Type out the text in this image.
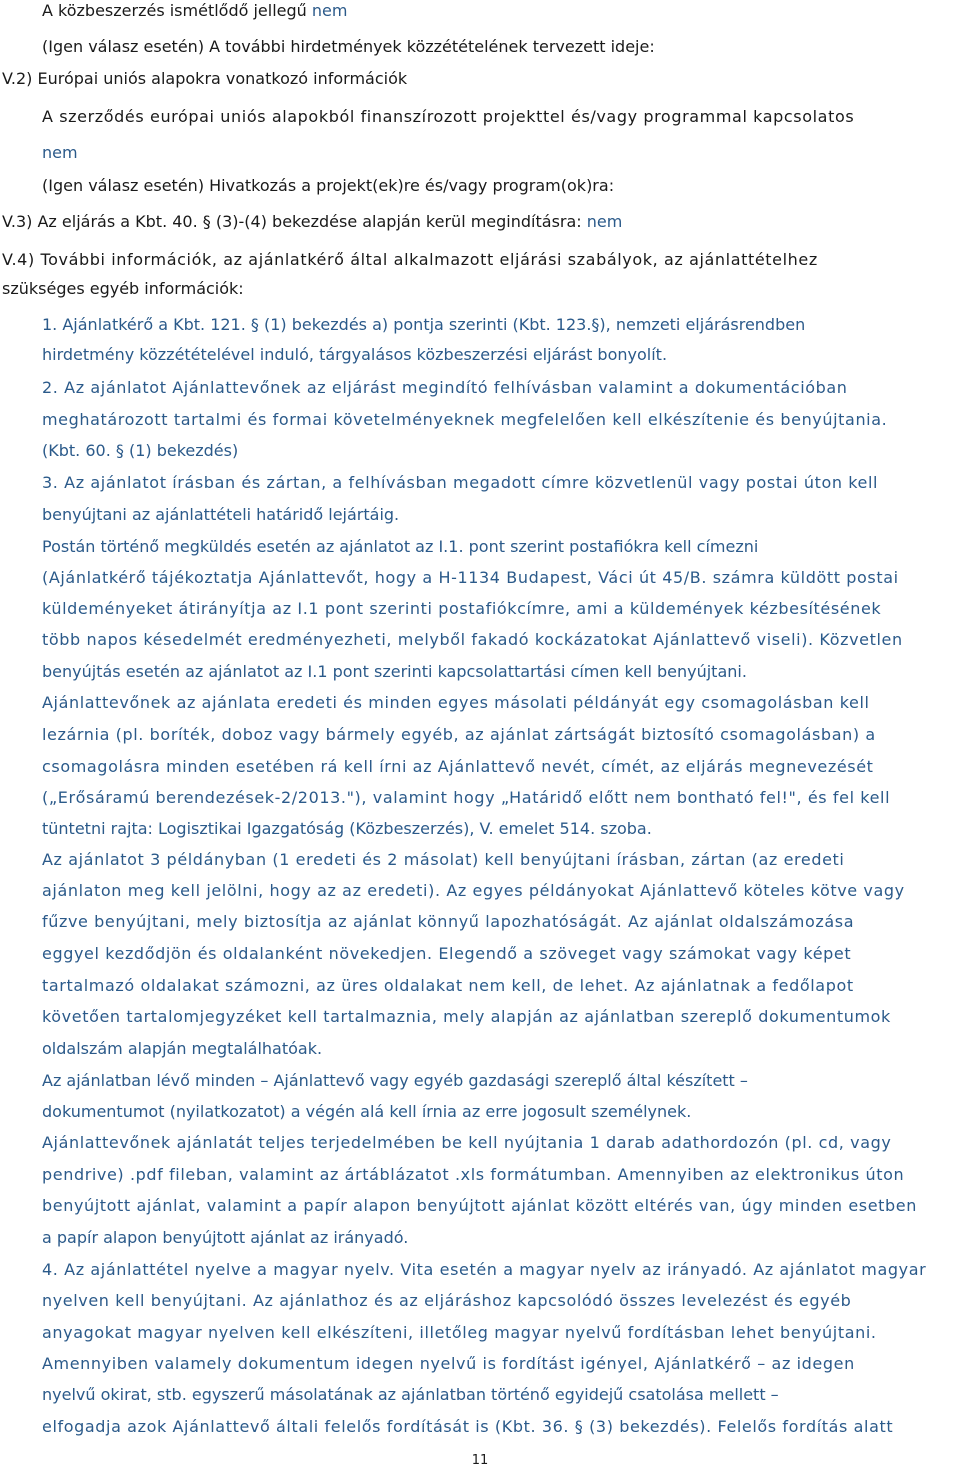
A közbeszerzés ismétlődő jellegű nem
(Igen válasz esetén) A további hirdetmények közzétételének tervezett ideje:
V.2) Európai uniós alapokra vonatkozó információk
A szerződés európai uniós alapokból finanszírozott projekttel és/vagy programmal kapcsolatos
nem
(Igen válasz esetén) Hivatkozás a projekt(ek)re és/vagy program(ok)ra:
V.3) Az eljárás a Kbt. 40. § (3)-(4) bekezdése alapján kerül megindításra: nem
V.4) További információk, az ajánlatkérő által alkalmazott eljárási szabályok, az ajánlattételhez
szükséges egyéb információk:
1. Ajánlatkérő a Kbt. 121. § (1) bekezdés a) pontja szerinti (Kbt. 123.§), nemzeti eljárásrendben
hirdetmény közzétételével induló, tárgyalásos közbeszerzési eljárást bonyolít.
2. Az ajánlatot Ajánlattevőnek az eljárást megindító felhívásban valamint a dokumentációban
meghatározott tartalmi és formai követelményeknek megfelelően kell elkészítenie és benyújtania.
(Kbt. 60. § (1) bekezdés)
3. Az ajánlatot írásban és zártan, a felhívásban megadott címre közvetlenül vagy postai úton kell
benyújtani az ajánlattételi határidő lejártáig.
Postán történő megküldés esetén az ajánlatot az I.1. pont szerint postafiókra kell címezni
(Ajánlatkérő tájékoztatja Ajánlattevőt, hogy a H-1134 Budapest, Váci út 45/B. számra küldött postai
küldeményeket átirányítja az I.1 pont szerinti postafiókcímre, ami a küldemények kézbesítésének
több napos késedelmét eredményezheti, melyből fakadó kockázatokat Ajánlattevő viseli). Közvetlen
benyújtás esetén az ajánlatot az I.1 pont szerinti kapcsolattartási címen kell benyújtani.
Ajánlattevőnek az ajánlata eredeti és minden egyes másolati példányát egy csomagolásban kell
lezárnia (pl. boríték, doboz vagy bármely egyéb, az ajánlat zártságát biztosító csomagolásban) a
csomagolásra minden esetében rá kell írni az Ajánlattevő nevét, címét, az eljárás megnevezését
(„Erősáramú berendezések-2/2013."), valamint hogy „Határidő előtt nem bontható fel!", és fel kell
tüntetni rajta: Logisztikai Igazgatóság (Közbeszerzés), V. emelet 514. szoba.
Az ajánlatot 3 példányban (1 eredeti és 2 másolat) kell benyújtani írásban, zártan (az eredeti
ajánlaton meg kell jelölni, hogy az az eredeti). Az egyes példányokat Ajánlattevő köteles kötve vagy
fűzve benyújtani, mely biztosítja az ajánlat könnyű lapozhatóságát. Az ajánlat oldalszámozása
eggyel kezdődjön és oldalanként növekedjen. Elegendő a szöveget vagy számokat vagy képet
tartalmazó oldalakat számozni, az üres oldalakat nem kell, de lehet. Az ajánlatnak a fedőlapot
követően tartalomjegyzéket kell tartalmaznia, mely alapján az ajánlatban szereplő dokumentumok
oldalszám alapján megtalálhatóak.
Az ajánlatban lévő minden – Ajánlattevő vagy egyéb gazdasági szereplő által készített –
dokumentumot (nyilatkozatot) a végén alá kell írnia az erre jogosult személynek.
Ajánlattevőnek ajánlatát teljes terjedelmében be kell nyújtania 1 darab adathordozón (pl. cd, vagy
pendrive) .pdf fileban, valamint az ártáblázatot .xls formátumban. Amennyiben az elektronikus úton
benyújtott ajánlat, valamint a papír alapon benyújtott ajánlat között eltérés van, úgy minden esetben
a papír alapon benyújtott ajánlat az irányadó.
4. Az ajánlattétel nyelve a magyar nyelv. Vita esetén a magyar nyelv az irányadó. Az ajánlatot magyar
nyelven kell benyújtani. Az ajánlathoz és az eljáráshoz kapcsolódó összes levelezést és egyéb
anyagokat magyar nyelven kell elkészíteni, illetőleg magyar nyelvű fordításban lehet benyújtani.
Amennyiben valamely dokumentum idegen nyelvű is fordítást igényel, Ajánlatkérő – az idegen
nyelvű okirat, stb. egyszerű másolatának az ajánlatban történő egyidejű csatolása mellett –
elfogadja azok Ajánlattevő általi felelős fordítását is (Kbt. 36. § (3) bekezdés). Felelős fordítás alatt
11
